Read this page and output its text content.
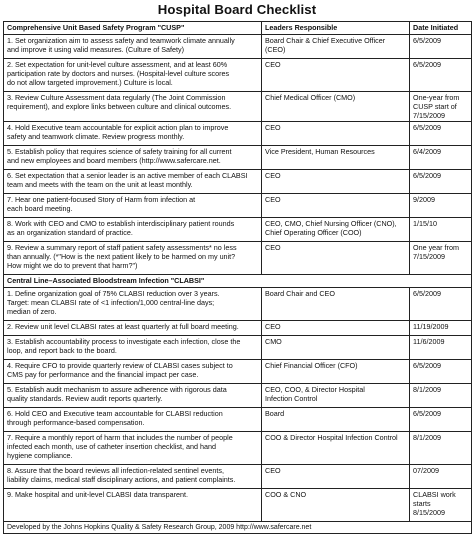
Hospital Board Checklist
Comprehensive Unit Based Safety Program "CUSP"	Leaders Responsible	Date Initiated
1. Set organization aim to assess safety and teamwork climate annually
and improve it using valid measures. (Culture of Safety)	Board Chair & Chief Executive Officer
(CEO)	6/5/2009
2. Set expectation for unit-level culture assessment, and at least 60%
participation rate by doctors and nurses. (Hospital-level culture scores
do not allow targeted improvement.) Culture is local.	CEO	6/5/2009
3. Review Culture Assessment data regularly (The Joint Commission
requirement), and explore links between culture and clinical outcomes.	Chief Medical Officer (CMO)	One-year from
CUSP start of
7/15/2009
4. Hold Executive team accountable for explicit action plan to improve
safety and teamwork climate. Review progress monthly.	CEO	6/5/2009
5. Establish policy that requires science of safety training for all current
and new employees and board members (http://www.safercare.net.	Vice President, Human Resources	6/4/2009
6. Set expectation that a senior leader is an active member of each CLABSI
team and meets with the team on the unit at least monthly.	CEO	6/5/2009
7. Hear one patient-focused Story of Harm from infection at
each board meeting.	CEO	9/2009
8. Work with CEO and CMO to establish interdisciplinary patient rounds
as an organization standard of practice.	CEO, CMO, Chief Nursing Officer (CNO),
Chief Operating Officer (COO)	1/15/10
9. Review a summary report of staff patient safety assessments* no less
than annually. (*"How is the next patient likely to be harmed on my unit?
How might we do to prevent that harm?")	CEO	One year from
7/15/2009
Central Line–Associated Bloodstream Infection "CLABSI"		
1. Define organization goal of 75% CLABSI reduction over 3 years.
Target: mean CLABSI rate of <1 infection/1,000 central-line days;
median of zero.	Board Chair and CEO	6/5/2009
2. Review unit level CLABSI rates at least quarterly at full board meeting.	CEO	11/19/2009
3. Establish accountability process to investigate each infection, close the
loop, and report back to the board.	CMO	11/6/2009
4. Require CFO to provide quarterly review of CLABSI cases subject to
CMS pay for performance and the financial impact per case.	Chief Financial Officer (CFO)	6/5/2009
5. Establish audit mechanism to assure adherence with rigorous data
quality standards. Review audit reports quarterly.	CEO, COO, & Director Hospital
Infection Control	8/1/2009
6. Hold CEO and Executive team accountable for CLABSI reduction
through performance-based compensation.	Board	6/5/2009
7. Require a monthly report of harm that includes the number of people
infected each month, use of catheter insertion checklist, and hand
hygiene compliance.	COO & Director Hospital Infection Control	8/1/2009
8. Assure that the board reviews all infection-related sentinel events,
liability claims, medical staff disciplinary actions, and patient complaints.	CEO	07/2009
9. Make hospital and unit-level CLABSI data transparent.	COO & CNO	CLABSI work
starts
8/15/2009
Developed by the Johns Hopkins Quality & Safety Research Group, 2009 http://www.safercare.net		
